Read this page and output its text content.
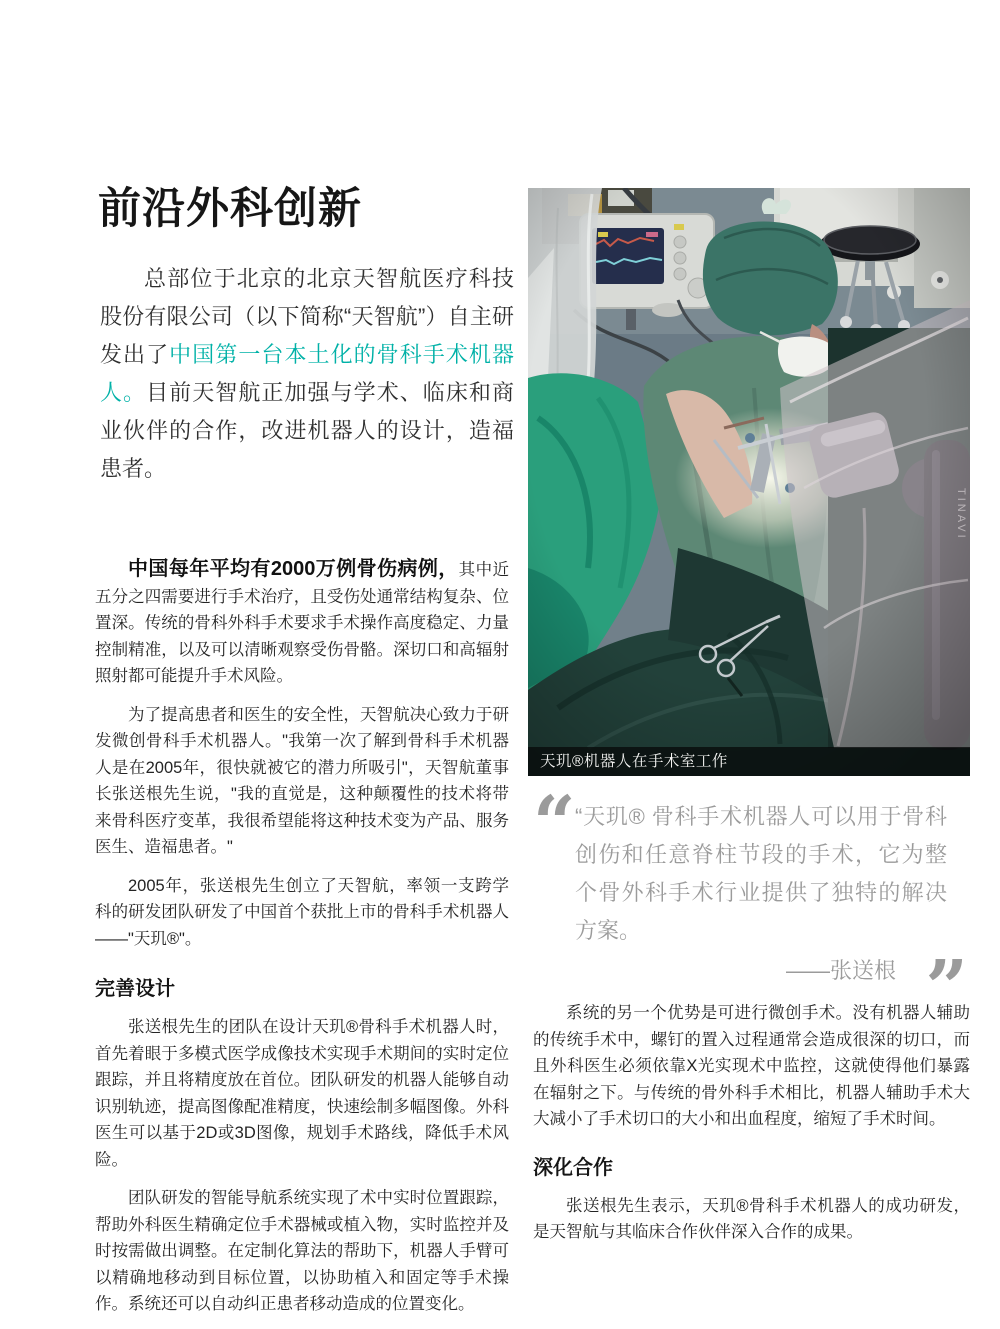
前沿外科创新
总部位于北京的北京天智航医疗科技股份有限公司（以下简称“天智航”）自主研发出了中国第一台本土化的骨科手术机器人。目前天智航正加强与学术、临床和商业伙伴的合作，改进机器人的设计，造福患者。
天玑®机器人在手术室工作

中国每年平均有2000万例骨伤病例，其中近五分之四需要进行手术治疗，且受伤处通常结构复杂、位置深。传统的骨科外科手术要求手术操作高度稳定、力量控制精准，以及可以清晰观察受伤骨骼。深切口和高辐射照射都可能提升手术风险。

为了提高患者和医生的安全性，天智航决心致力于研发微创骨科手术机器人。"我第一次了解到骨科手术机器人是在2005年，很快就被它的潜力所吸引"，天智航董事长张送根先生说，"我的直觉是，这种颠覆性的技术将带来骨科医疗变革，我很希望能将这种技术变为产品、服务医生、造福患者。"

2005年，张送根先生创立了天智航，率领一支跨学科的研发团队研发了中国首个获批上市的骨科手术机器人——"天玑®"。

完善设计

张送根先生的团队在设计天玑®骨科手术机器人时，首先着眼于多模式医学成像技术实现手术期间的实时定位跟踪，并且将精度放在首位。团队研发的机器人能够自动识别轨迹，提高图像配准精度，快速绘制多幅图像。外科医生可以基于2D或3D图像，规划手术路线，降低手术风险。

团队研发的智能导航系统实现了术中实时位置跟踪，帮助外科医生精确定位手术器械或植入物，实时监控并及时按需做出调整。在定制化算法的帮助下，机器人手臂可以精确地移动到目标位置，以协助植入和固定等手术操作。系统还可以自动纠正患者移动造成的位置变化。

“ “天玑® 骨科手术机器人可以用于骨科创伤和任意脊柱节段的手术，它为整个骨外科手术行业提供了独特的解决方案。
——张送根 ”

系统的另一个优势是可进行微创手术。没有机器人辅助的传统手术中，螺钉的置入过程通常会造成很深的切口，而且外科医生必须依靠X光实现术中监控，这就使得他们暴露在辐射之下。与传统的骨外科手术相比，机器人辅助手术大大减小了手术切口的大小和出血程度，缩短了手术时间。

深化合作

张送根先生表示，天玑®骨科手术机器人的成功研发，是天智航与其临床合作伙伴深入合作的成果。
